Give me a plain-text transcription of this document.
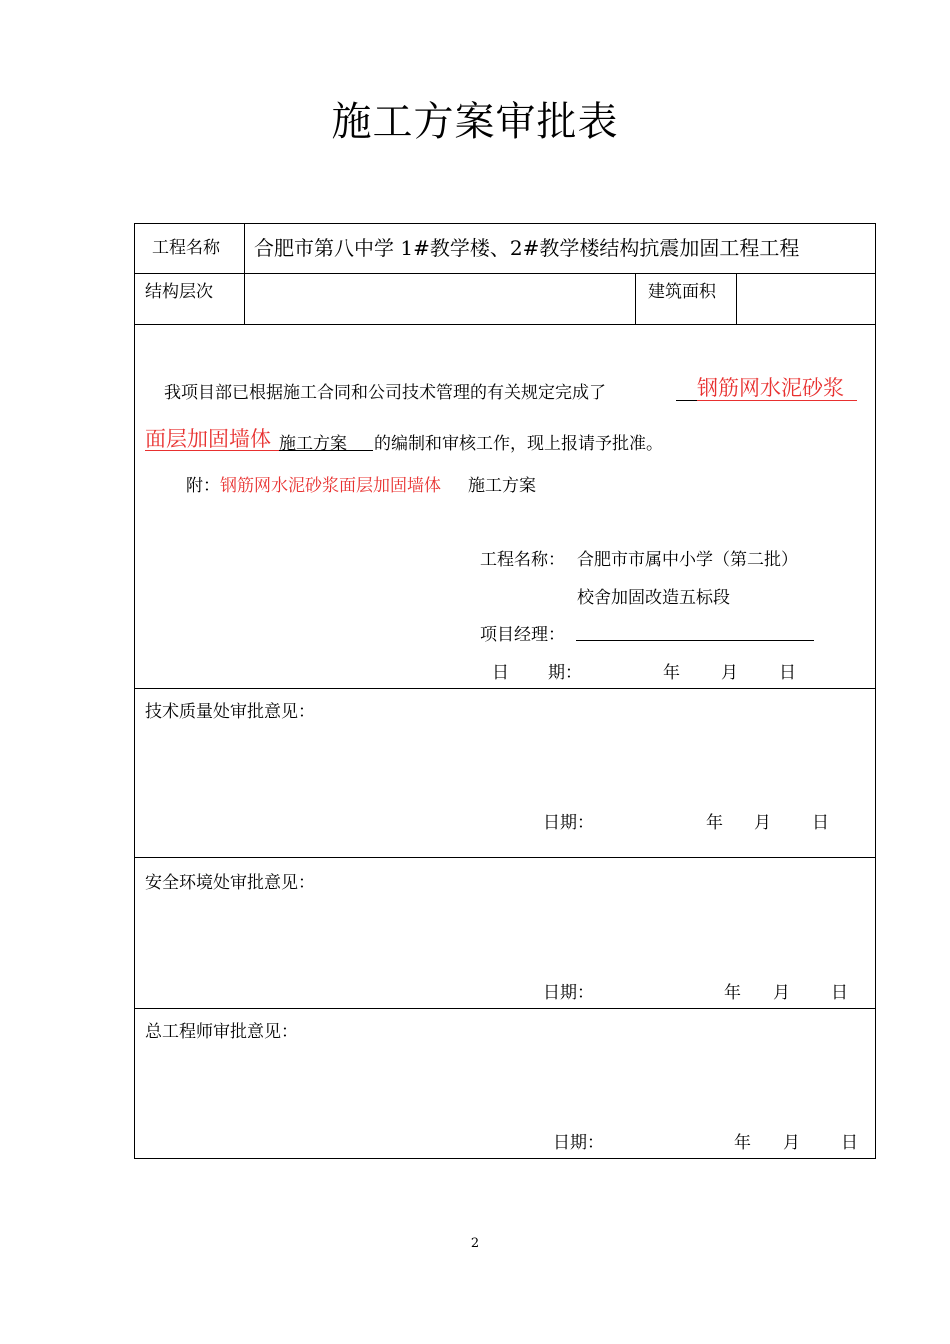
施工方案审批表
工程名称 合肥市第八中学 1#教学楼、2#教学楼结构抗震加固工程工程
结构层次	建筑面积
我项目部已根据施工合同和公司技术管理的有关规定完成了	钢筋网水泥砂浆
面层加固墙体 施工方案 的编制和审核工作，现上报请予批准。
附： 钢筋网水泥砂浆面层加固墙体 施工方案
工程名称： 合肥市市属中小学（第二批）
校舍加固改造五标段
项目经理：
日 期：	年 月 日
技术质量处审批意见：
日期：	年 月 日
安全环境处审批意见：
日期：	年 月 日
总工程师审批意见：
日期：	年 月 日
2
